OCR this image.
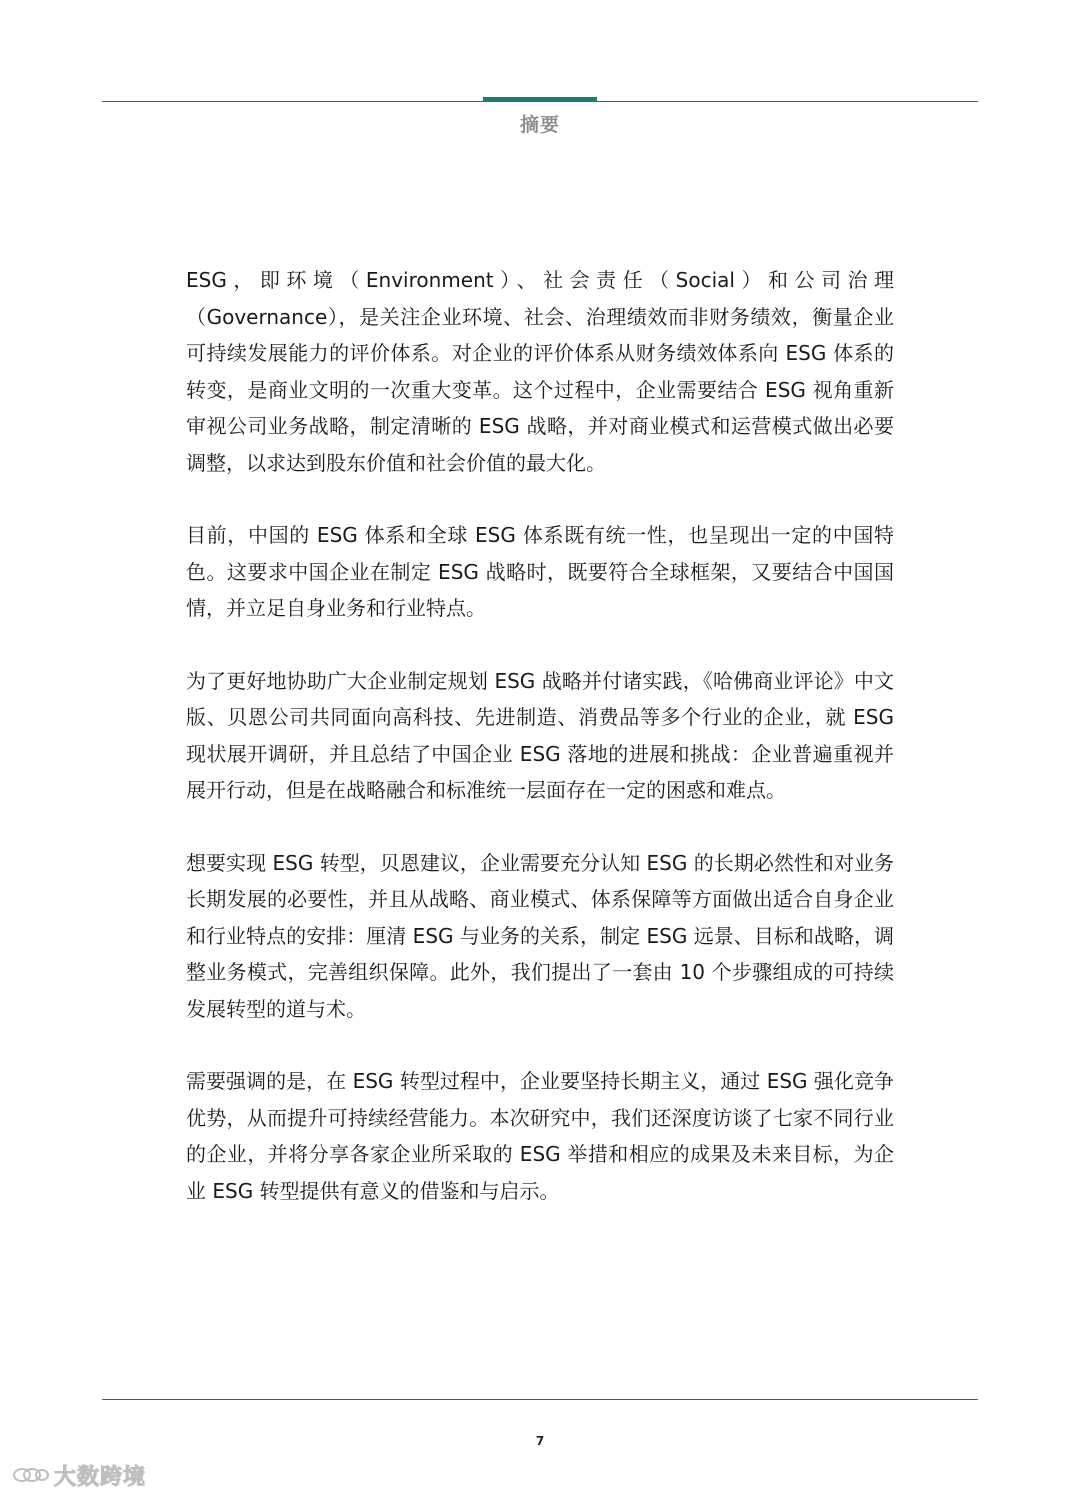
摘要

ESG，即环境（Environment）、社会责任（Social）和公司治理（Governance），是关注企业环境、社会、治理绩效而非财务绩效，衡量企业可持续发展能力的评价体系。对企业的评价体系从财务绩效体系向 ESG 体系的转变，是商业文明的一次重大变革。这个过程中，企业需要结合 ESG 视角重新审视公司业务战略，制定清晰的 ESG 战略，并对商业模式和运营模式做出必要调整，以求达到股东价值和社会价值的最大化。

目前，中国的 ESG 体系和全球 ESG 体系既有统一性，也呈现出一定的中国特色。这要求中国企业在制定 ESG 战略时，既要符合全球框架，又要结合中国国情，并立足自身业务和行业特点。

为了更好地协助广大企业制定规划 ESG 战略并付诸实践，《哈佛商业评论》中文版、贝恩公司共同面向高科技、先进制造、消费品等多个行业的企业，就 ESG 现状展开调研，并且总结了中国企业 ESG 落地的进展和挑战：企业普遍重视并展开行动，但是在战略融合和标准统一层面存在一定的困惑和难点。

想要实现 ESG 转型，贝恩建议，企业需要充分认知 ESG 的长期必然性和对业务长期发展的必要性，并且从战略、商业模式、体系保障等方面做出适合自身企业和行业特点的安排：厘清 ESG 与业务的关系，制定 ESG 远景、目标和战略，调整业务模式，完善组织保障。此外，我们提出了一套由 10 个步骤组成的可持续发展转型的道与术。

需要强调的是，在 ESG 转型过程中，企业要坚持长期主义，通过 ESG 强化竞争优势，从而提升可持续经营能力。本次研究中，我们还深度访谈了七家不同行业的企业，并将分享各家企业所采取的 ESG 举措和相应的成果及未来目标，为企业 ESG 转型提供有意义的借鉴和与启示。

7
大数跨境
